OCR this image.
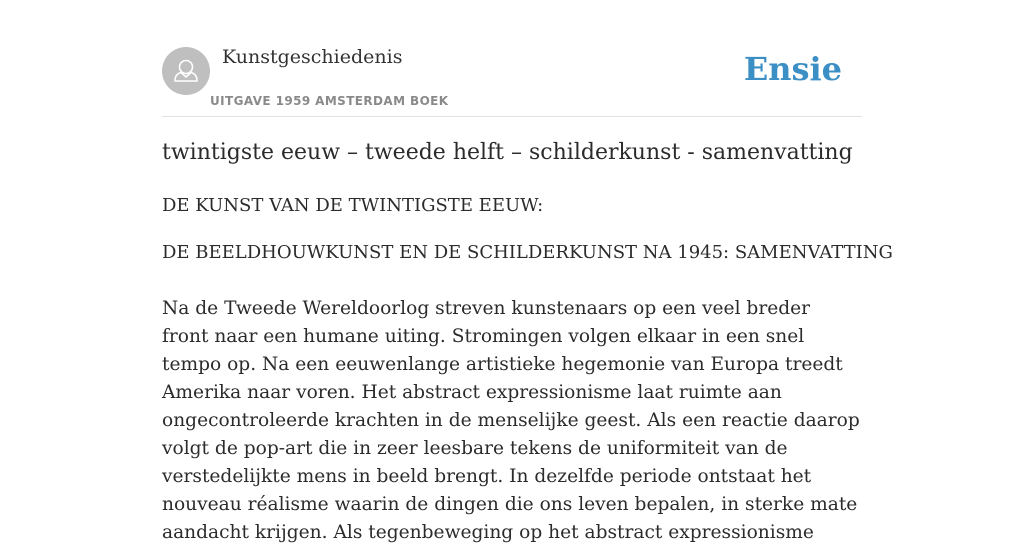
Kunstgeschiedenis
UITGAVE 1959 AMSTERDAM BOEK
Ensie
twintigste eeuw – tweede helft – schilderkunst - samenvatting

DE KUNST VAN DE TWINTIGSTE EEUW:

DE BEELDHOUWKUNST EN DE SCHILDERKUNST NA 1945: SAMENVATTING

Na de Tweede Wereldoorlog streven kunstenaars op een veel breder front naar een humane uiting. Stromingen volgen elkaar in een snel tempo op. Na een eeuwenlange artistieke hegemonie van Europa treedt Amerika naar voren. Het abstract expressionisme laat ruimte aan ongecontroleerde krachten in de menselijke geest. Als een reactie daarop volgt de pop-art die in zeer leesbare tekens de uniformiteit van de verstedelijkte mens in beeld brengt. In dezelfde periode ontstaat het nouveau réalisme waarin de dingen die ons leven bepalen, in sterke mate aandacht krijgen. Als tegenbeweging op het abstract expressionisme
